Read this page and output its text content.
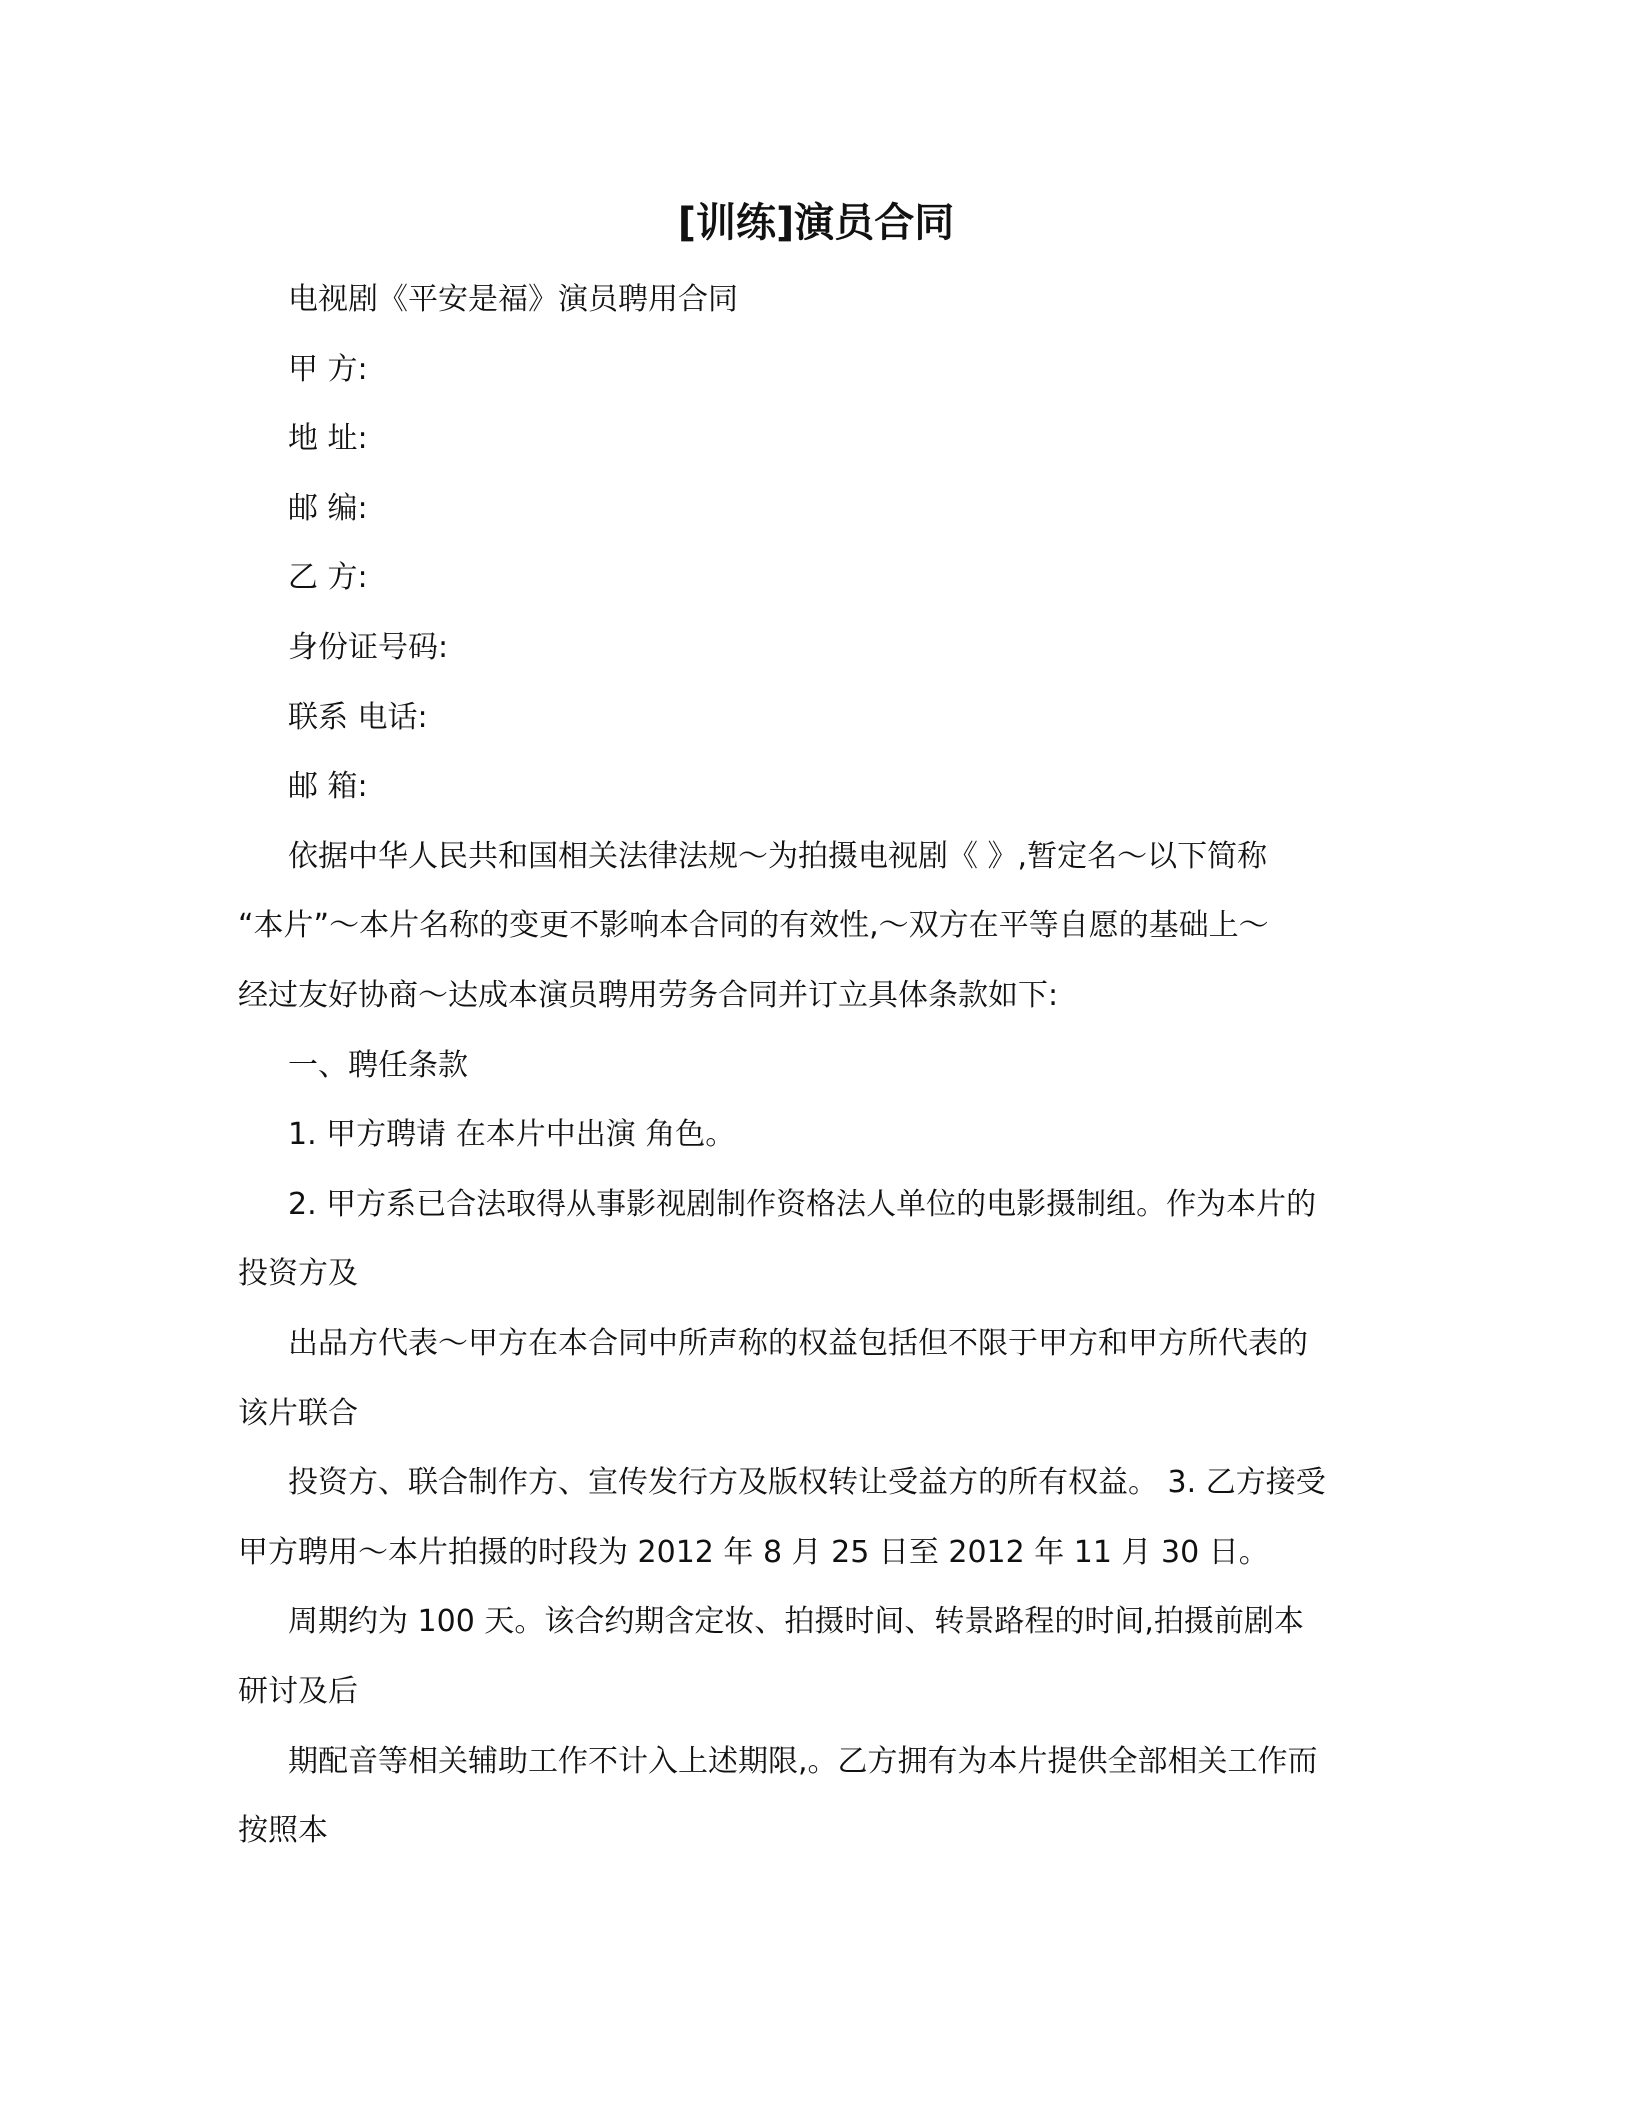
[训练]演员合同
电视剧《平安是福》演员聘用合同
甲 方:
地 址:
邮 编:
乙 方:
身份证号码:
联系 电话:
邮 箱:
依据中华人民共和国相关法律法规～为拍摄电视剧《 》,暂定名～以下简称
“本片”～本片名称的变更不影响本合同的有效性,～双方在平等自愿的基础上～
经过友好协商～达成本演员聘用劳务合同并订立具体条款如下:
一、聘任条款
1. 甲方聘请 在本片中出演 角色。
2. 甲方系已合法取得从事影视剧制作资格法人单位的电影摄制组。作为本片的
投资方及
出品方代表～甲方在本合同中所声称的权益包括但不限于甲方和甲方所代表的
该片联合
投资方、联合制作方、宣传发行方及版权转让受益方的所有权益。 3. 乙方接受
甲方聘用～本片拍摄的时段为 2012 年 8 月 25 日至 2012 年 11 月 30 日。
周期约为 100 天。该合约期含定妆、拍摄时间、转景路程的时间,拍摄前剧本
研讨及后
期配音等相关辅助工作不计入上述期限,。乙方拥有为本片提供全部相关工作而
按照本
